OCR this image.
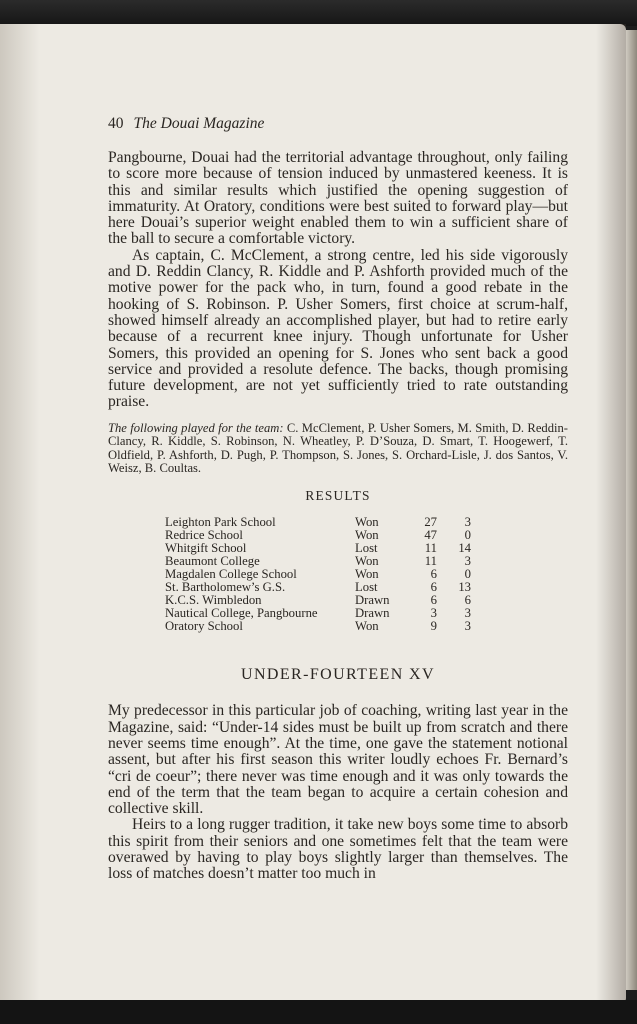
40 The Douai Magazine

Pangbourne, Douai had the territorial advantage throughout, only failing to score more because of tension induced by unmastered keeness. It is this and similar results which justified the opening suggestion of immaturity. At Oratory, conditions were best suited to forward play—but here Douai’s superior weight enabled them to win a sufficient share of the ball to secure a comfortable victory.

As captain, C. McClement, a strong centre, led his side vigorously and D. Reddin Clancy, R. Kiddle and P. Ashforth provided much of the motive power for the pack who, in turn, found a good rebate in the hooking of S. Robinson. P. Usher Somers, first choice at scrum-half, showed himself already an accomplished player, but had to retire early because of a recurrent knee injury. Though unfortunate for Usher Somers, this provided an opening for S. Jones who sent back a good service and provided a resolute defence. The backs, though promising future development, are not yet sufficiently tried to rate outstanding praise.

The following played for the team: C. McClement, P. Usher Somers, M. Smith, D. Reddin-Clancy, R. Kiddle, S. Robinson, N. Wheatley, P. D’Souza, D. Smart, T. Hoogewerf, T. Oldfield, P. Ashforth, D. Pugh, P. Thompson, S. Jones, S. Orchard-Lisle, J. dos Santos, V. Weisz, B. Coultas.

RESULTS
Leighton Park School	Won	27	3
Redrice School	Won	47	0
Whitgift School	Lost	11	14
Beaumont College	Won	11	3
Magdalen College School	Won	6	0
St. Bartholomew’s G.S.	Lost	6	13
K.C.S. Wimbledon	Drawn	6	6
Nautical College, Pangbourne	Drawn	3	3
Oratory School	Won	9	3
UNDER-FOURTEEN XV

My predecessor in this particular job of coaching, writing last year in the Magazine, said: “Under-14 sides must be built up from scratch and there never seems time enough”. At the time, one gave the statement notional assent, but after his first season this writer loudly echoes Fr. Bernard’s “cri de coeur”; there never was time enough and it was only towards the end of the term that the team began to acquire a certain cohesion and collective skill.

Heirs to a long rugger tradition, it take new boys some time to absorb this spirit from their seniors and one sometimes felt that the team were overawed by having to play boys slightly larger than themselves. The loss of matches doesn’t matter too much in
